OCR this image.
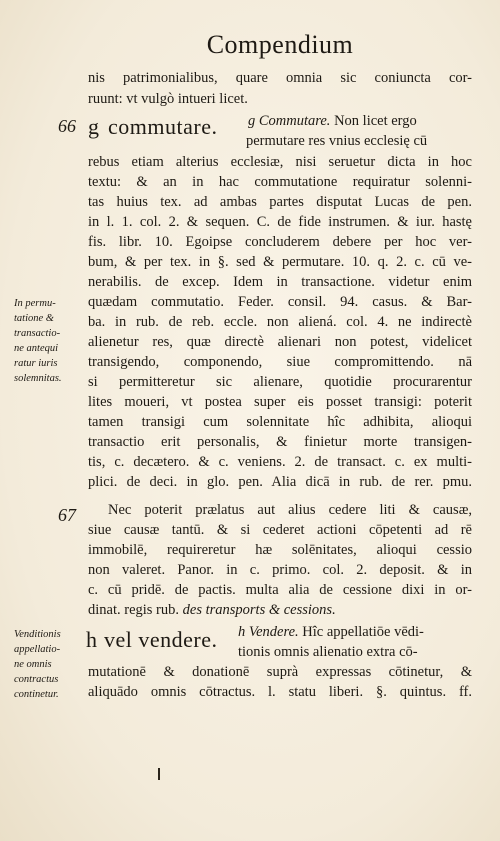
Compendium
nis patrimonialibus, quare omnia sic coniuncta cor-
ruunt: vt vulgò intueri licet.
66 g commutare. g Commutare. Non licet ergo
permutare res vnius ecclesię cū
rebus etiam alterius ecclesiæ, nisi seruetur dicta in hoc
textu: & an in hac commutatione requiratur solenni-
tas huius tex. ad ambas partes disputat Lucas de pen.
in l. 1. col. 2. & sequen. C. de fide instrumen. & iur. hastę
fis. libr. 10. Egoipse concluderem debere per hoc ver-
bum, & per tex. in §. sed & permutare. 10. q. 2. c. cū ve-
nerabilis. de excep. Idem in transactione. videtur enim
quædam commutatio. Feder. consil. 94. casus. & Bar-
ba. in rub. de reb. eccle. non aliená. col. 4. ne indirectè
alienetur res, quæ directè alienari non potest, videlicet
transigendo, componendo, siue compromittendo. nā
si permitteretur sic alienare, quotidie procurarentur
lites moueri, vt postea super eis posset transigi: poterit
tamen transigi cum solennitate hîc adhibita, alioqui
transactio erit personalis, & finietur morte transigen-
tis, c. decætero. & c. veniens. 2. de transact. c. ex multi-
plici. de deci. in glo. pen. Alia dicā in rub. de rer. pmu.
In permu-
tatione &
transactio-
ne antequi
ratur iuris
solemnitas.
67 Nec poterit prælatus aut alius cedere liti & causæ,
siue causæ tantū. & si cederet actioni cōpetenti ad rē
immobilē, requireretur hæ solēnitates, alioqui cessio
non valeret. Panor. in c. primo. col. 2. deposit. & in
c. cū pridē. de pactis. multa alia de cessione dixi in or-
dinat. regis rub. des transports & cessions.
h vel vendere. h Vendere. Hîc appellatiōe vēdi-
tionis omnis alienatio extra cō-
mutationē & donationē suprà expressas cōtinetur, &
aliquādo omnis cōtractus. l. statu liberi. §. quintus. ff.
Venditionis
appellatio-
ne omnis
contractus
continetur.
